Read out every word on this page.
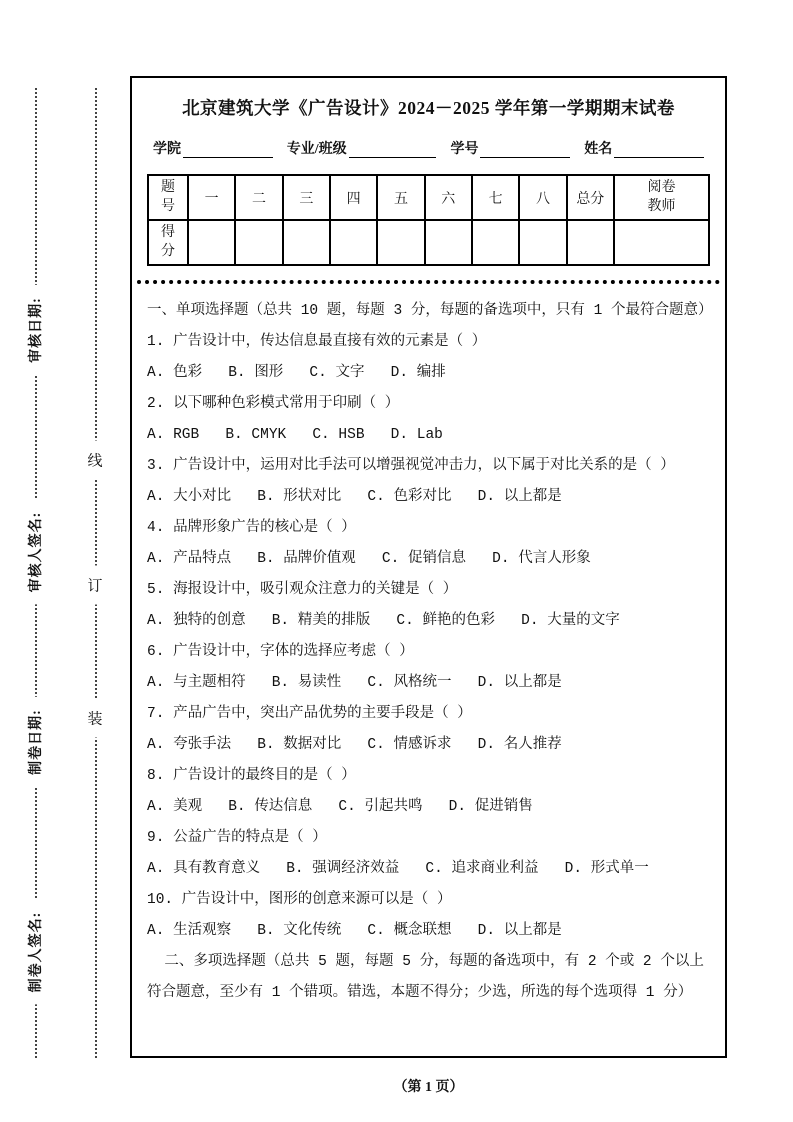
审核日期:
审核人签名:
制卷日期:
制卷人签名:
线
订
装
北京建筑大学《广告设计》2024－2025 学年第一学期期末试卷
学院	专业/班级	学号	姓名
题号	一	二	三	四	五	六	七	八	总分	阅卷教师
得分										
一、单项选择题（总共 10 题，每题 3 分，每题的备选项中，只有 1 个最符合题意）
1. 广告设计中，传达信息最直接有效的元素是（ ）
A. 色彩   B. 图形   C. 文字   D. 编排
2. 以下哪种色彩模式常用于印刷（ ）
A. RGB   B. CMYK   C. HSB   D. Lab
3. 广告设计中，运用对比手法可以增强视觉冲击力，以下属于对比关系的是（ ）
A. 大小对比   B. 形状对比   C. 色彩对比   D. 以上都是
4. 品牌形象广告的核心是（ ）
A. 产品特点   B. 品牌价值观   C. 促销信息   D. 代言人形象
5. 海报设计中，吸引观众注意力的关键是（ ）
A. 独特的创意   B. 精美的排版   C. 鲜艳的色彩   D. 大量的文字
6. 广告设计中，字体的选择应考虑（ ）
A. 与主题相符   B. 易读性   C. 风格统一   D. 以上都是
7. 产品广告中，突出产品优势的主要手段是（ ）
A. 夸张手法   B. 数据对比   C. 情感诉求   D. 名人推荐
8. 广告设计的最终目的是（ ）
A. 美观   B. 传达信息   C. 引起共鸣   D. 促进销售
9. 公益广告的特点是（ ）
A. 具有教育意义   B. 强调经济效益   C. 追求商业利益   D. 形式单一
10. 广告设计中，图形的创意来源可以是（ ）
A. 生活观察   B. 文化传统   C. 概念联想   D. 以上都是
二、多项选择题（总共 5 题，每题 5 分，每题的备选项中，有 2 个或 2 个以上符合题意，至少有 1 个错项。错选，本题不得分；少选，所选的每个选项得 1 分）
（第 1 页）
